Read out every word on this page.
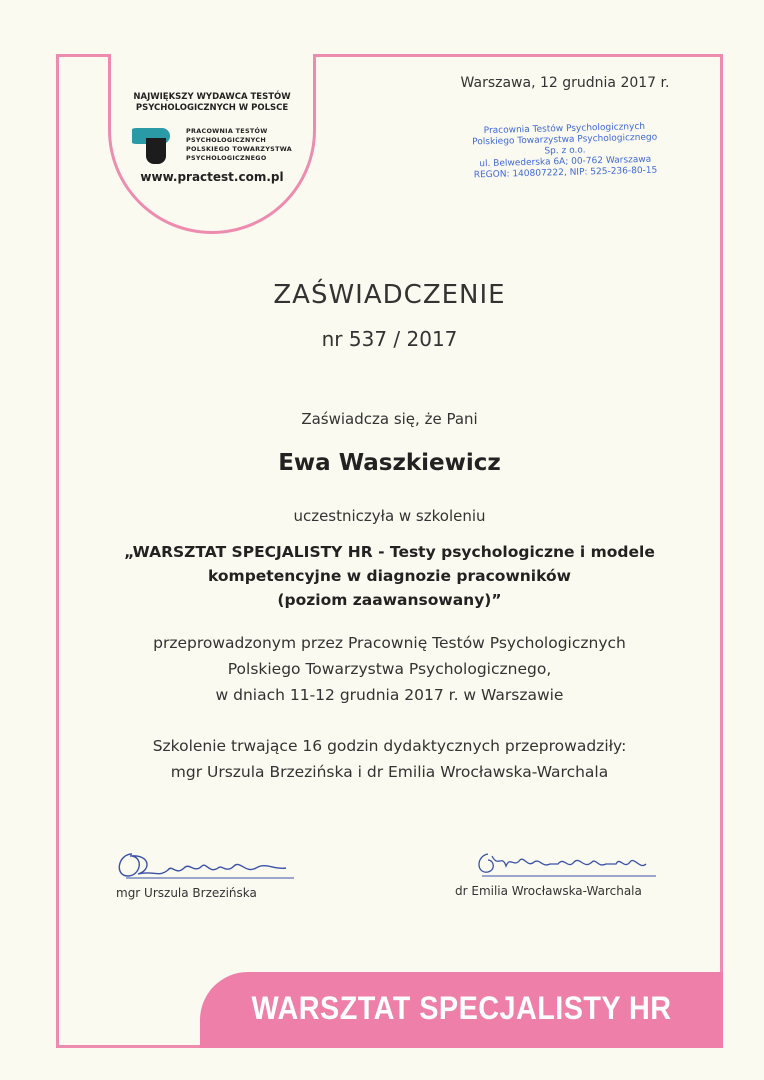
NAJWIĘKSZY WYDAWCA TESTÓW
PSYCHOLOGICZNYCH W POLSCE
PRACOWNIA TESTÓW
PSYCHOLOGICZNYCH
POLSKIEGO TOWARZYSTWA
PSYCHOLOGICZNEGO
www.practest.com.pl
Warszawa, 12 grudnia 2017 r.
Pracownia Testów Psychologicznych
Polskiego Towarzystwa Psychologicznego
Sp. z o.o.
ul. Belwederska 6A; 00-762 Warszawa
REGON: 140807222, NIP: 525-236-80-15
ZAŚWIADCZENIE
nr 537 / 2017
Zaświadcza się, że Pani
Ewa Waszkiewicz
uczestniczyła w szkoleniu
„WARSZTAT SPECJALISTY HR - Testy psychologiczne i modele
kompetencyjne w diagnozie pracowników
(poziom zaawansowany)”
przeprowadzonym przez Pracownię Testów Psychologicznych
Polskiego Towarzystwa Psychologicznego,
w dniach 11-12 grudnia 2017 r. w Warszawie
Szkolenie trwające 16 godzin dydaktycznych przeprowadziły:
mgr Urszula Brzezińska i dr Emilia Wrocławska-Warchala
mgr Urszula Brzezińska	dr Emilia Wrocławska-Warchala
WARSZTAT SPECJALISTY HR
